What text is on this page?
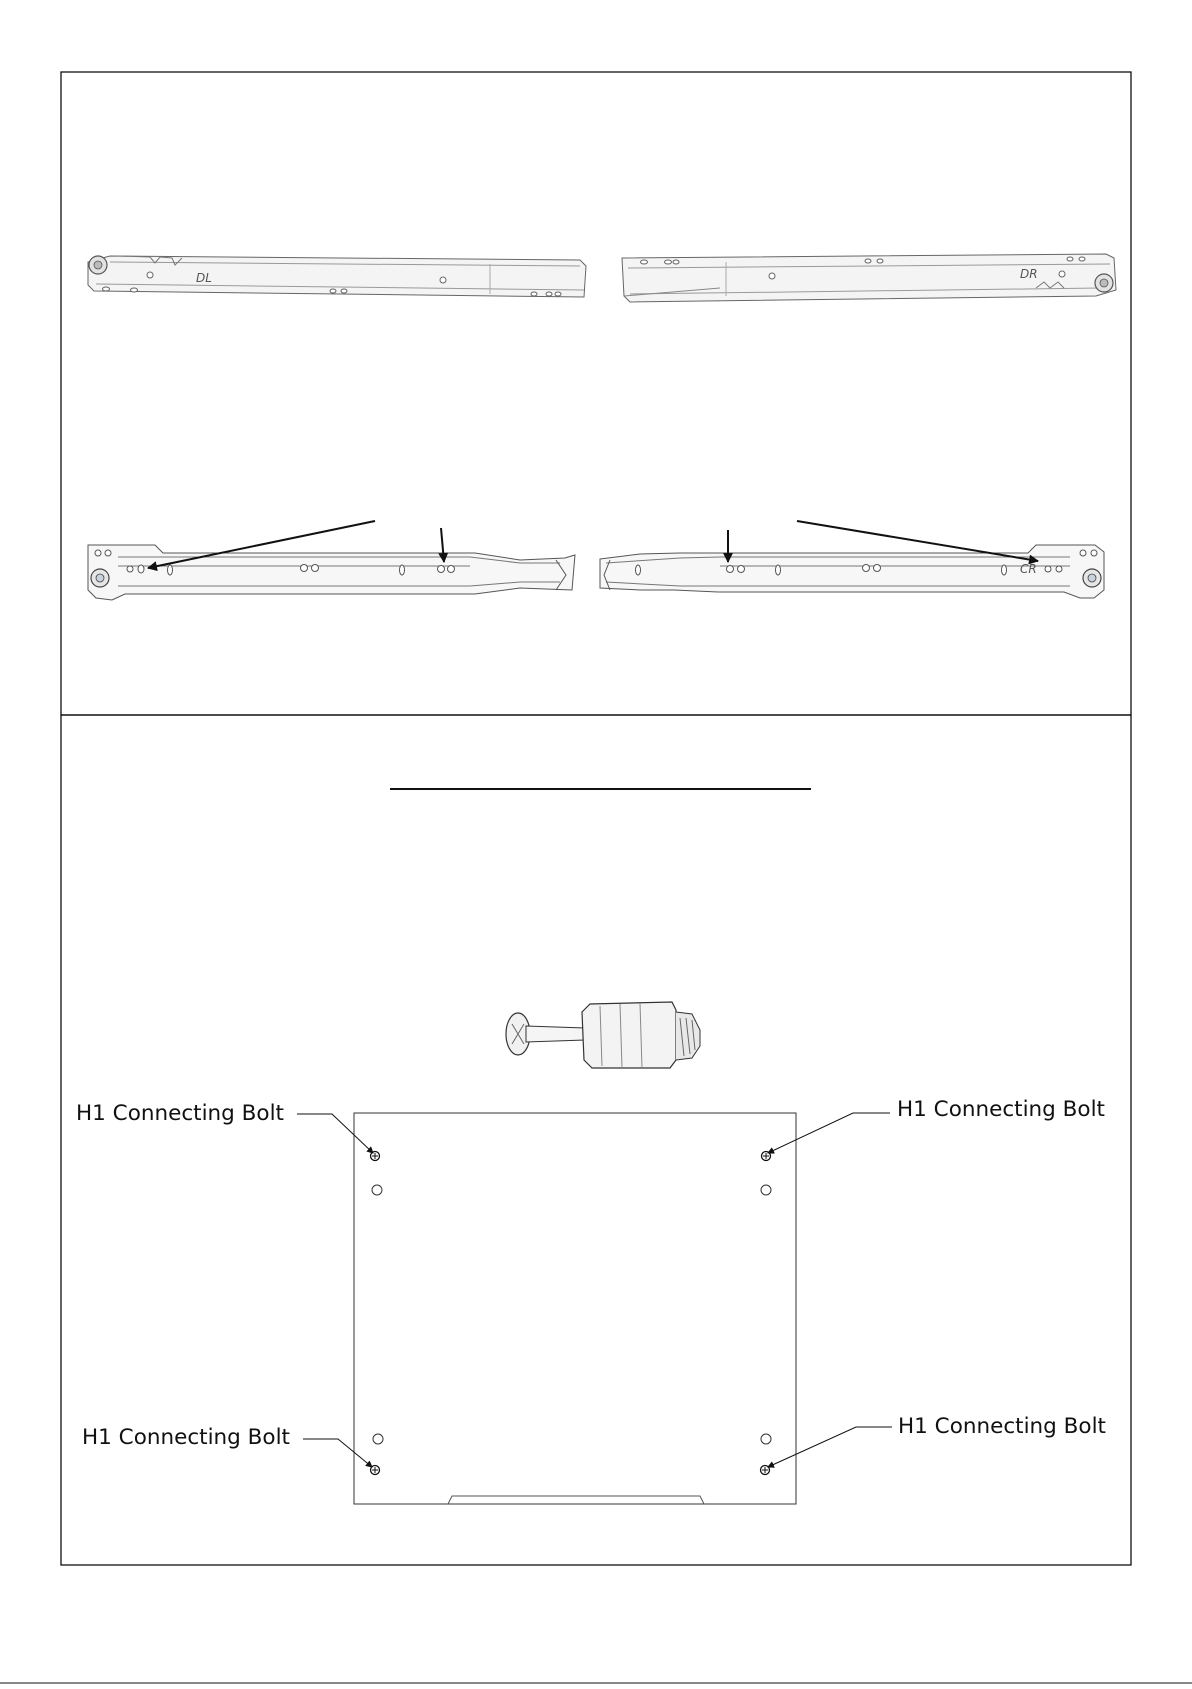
DL	DR
CR
H1 Connecting Bolt	H1 Connecting Bolt
H1 Connecting Bolt	H1 Connecting Bolt
